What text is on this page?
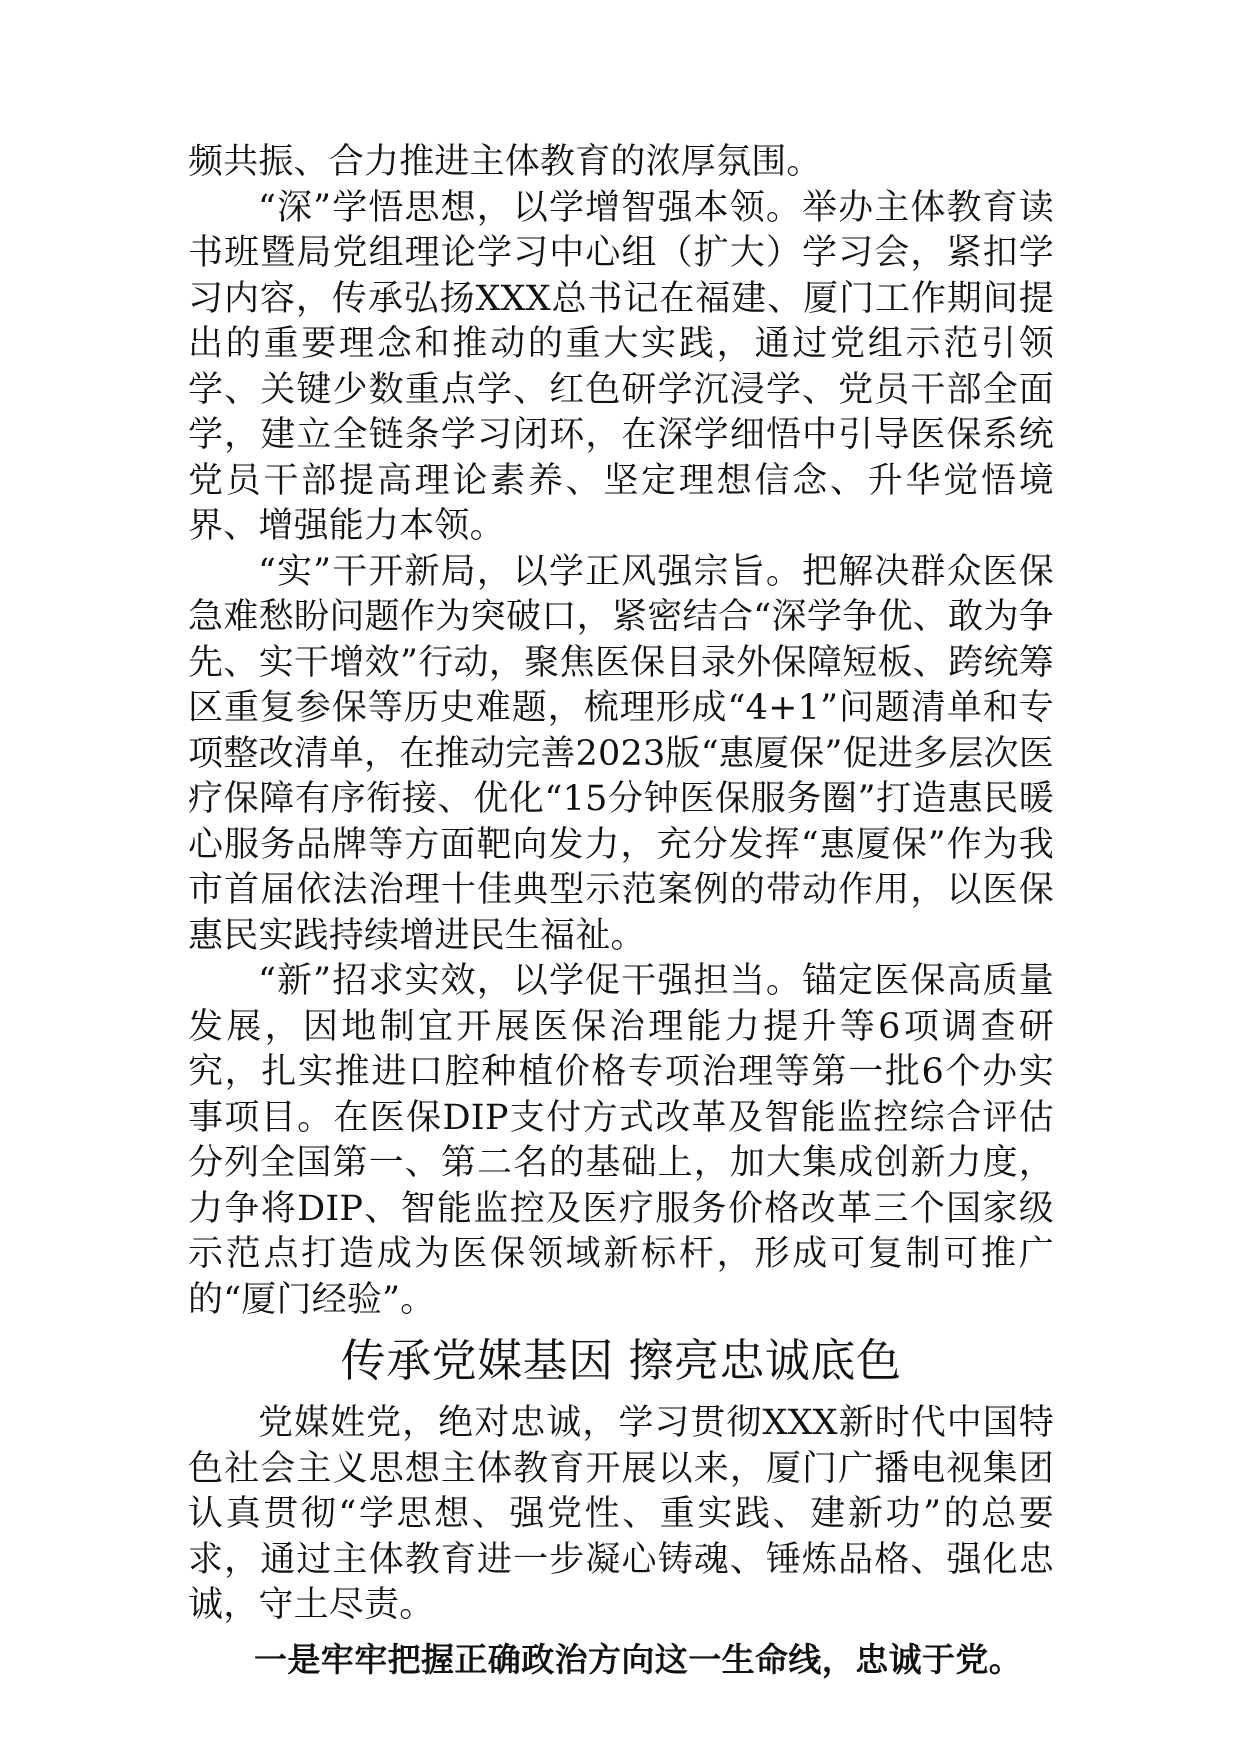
频共振、合力推进主体教育的浓厚氛围。

“深”学悟思想，以学增智强本领。举办主体教育读书班暨局党组理论学习中心组（扩大）学习会，紧扣学习内容，传承弘扬XXX总书记在福建、厦门工作期间提出的重要理念和推动的重大实践，通过党组示范引领学、关键少数重点学、红色研学沉浸学、党员干部全面学，建立全链条学习闭环，在深学细悟中引导医保系统党员干部提高理论素养、坚定理想信念、升华觉悟境界、增强能力本领。

“实”干开新局，以学正风强宗旨。把解决群众医保急难愁盼问题作为突破口，紧密结合“深学争优、敢为争先、实干增效”行动，聚焦医保目录外保障短板、跨统筹区重复参保等历史难题，梳理形成“4+1”问题清单和专项整改清单，在推动完善2023版“惠厦保”促进多层次医疗保障有序衔接、优化“15分钟医保服务圈”打造惠民暖心服务品牌等方面靶向发力，充分发挥“惠厦保”作为我市首届依法治理十佳典型示范案例的带动作用，以医保惠民实践持续增进民生福祉。

“新”招求实效，以学促干强担当。锚定医保高质量发展，因地制宜开展医保治理能力提升等6项调查研究，扎实推进口腔种植价格专项治理等第一批6个办实事项目。在医保DIP支付方式改革及智能监控综合评估分列全国第一、第二名的基础上，加大集成创新力度，力争将DIP、智能监控及医疗服务价格改革三个国家级示范点打造成为医保领域新标杆，形成可复制可推广的“厦门经验”。

传承党媒基因 擦亮忠诚底色

党媒姓党，绝对忠诚，学习贯彻XXX新时代中国特色社会主义思想主体教育开展以来，厦门广播电视集团认真贯彻“学思想、强党性、重实践、建新功”的总要求，通过主体教育进一步凝心铸魂、锤炼品格、强化忠诚，守土尽责。

一是牢牢把握正确政治方向这一生命线，忠诚于党。
